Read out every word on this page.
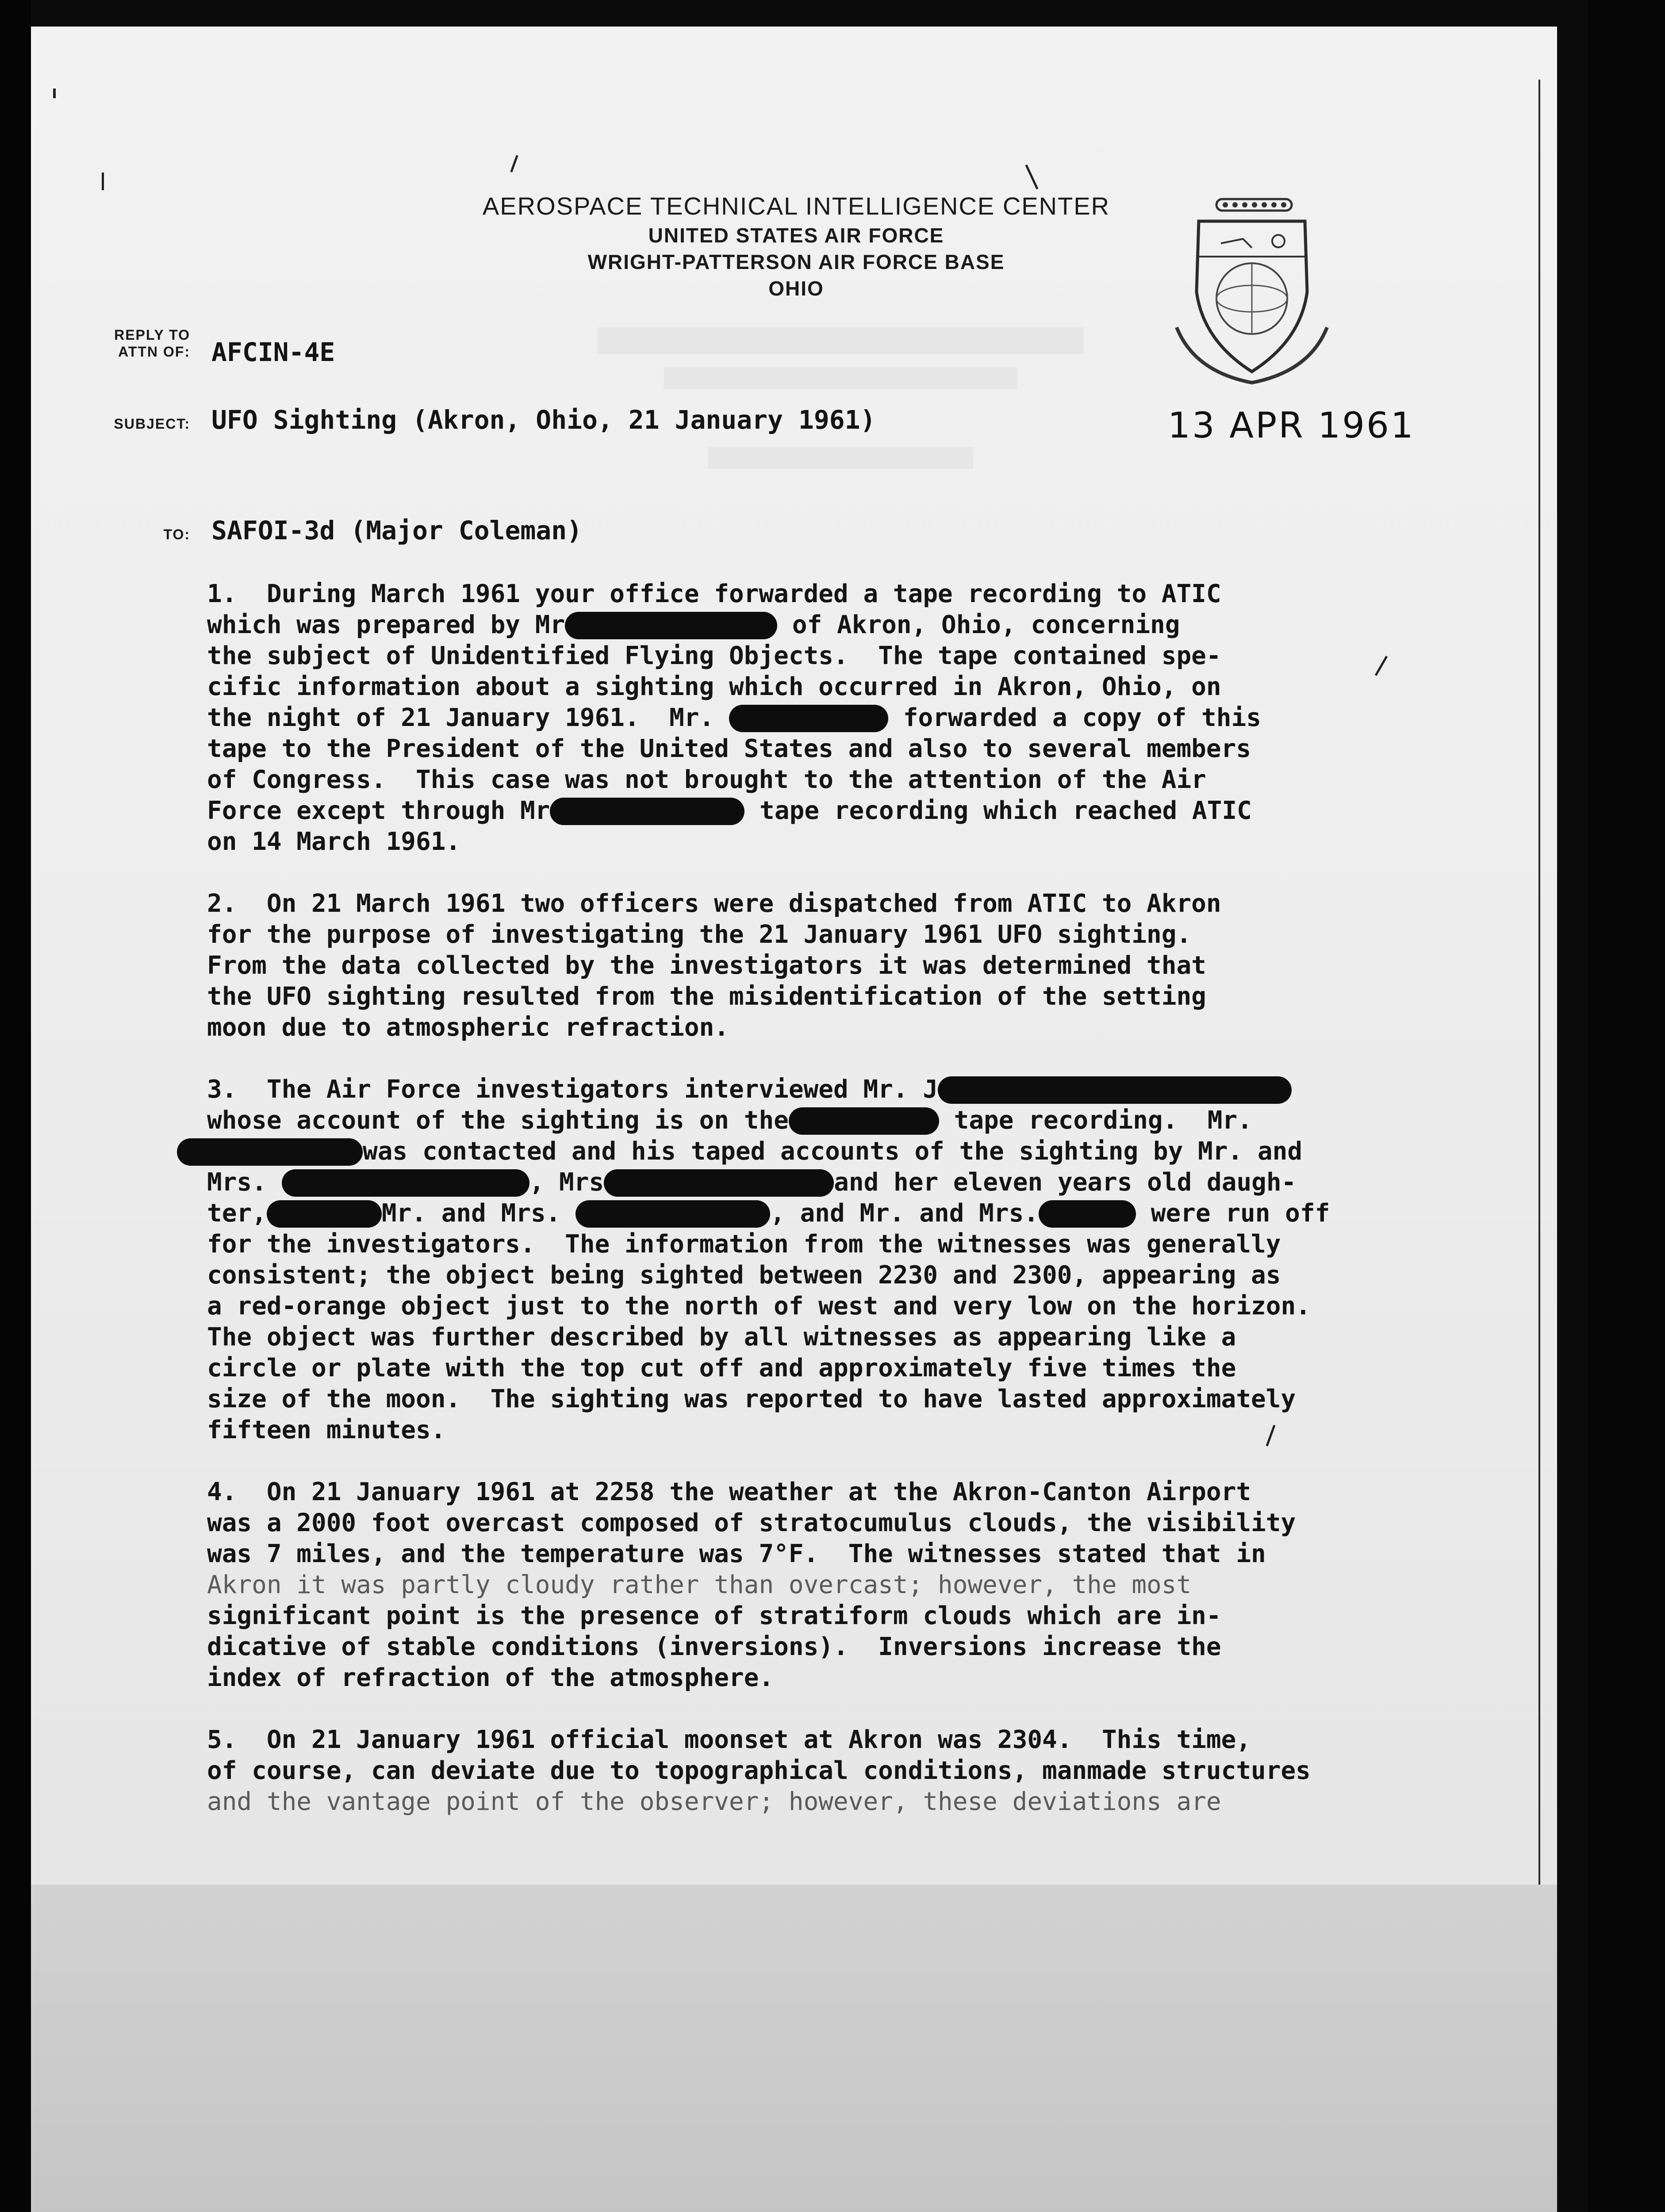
AEROSPACE TECHNICAL INTELLIGENCE CENTER
UNITED STATES AIR FORCE
WRIGHT-PATTERSON AIR FORCE BASE
OHIO
REPLY TO
ATTN OF: AFCIN-4E
SUBJECT: UFO Sighting (Akron, Ohio, 21 January 1961)	13 APR 1961
TO: SAFOI-3d (Major Coleman)
1.  During March 1961 your office forwarded a tape recording to ATIC
which was prepared by Mr	of Akron, Ohio, concerning
the subject of Unidentified Flying Objects.  The tape contained spe-
cific information about a sighting which occurred in Akron, Ohio, on
the night of 21 January 1961.  Mr.	forwarded a copy of this
tape to the President of the United States and also to several members
of Congress.  This case was not brought to the attention of the Air
Force except through Mr	tape recording which reached ATIC
on 14 March 1961.
2.  On 21 March 1961 two officers were dispatched from ATIC to Akron
for the purpose of investigating the 21 January 1961 UFO sighting.
From the data collected by the investigators it was determined that
the UFO sighting resulted from the misidentification of the setting
moon due to atmospheric refraction.
3.  The Air Force investigators interviewed Mr. J
whose account of the sighting is on the	tape recording.  Mr.
was contacted and his taped accounts of the sighting by Mr. and
Mrs.	, Mrs	and her eleven years old daugh-
ter,	Mr. and Mrs.	, and Mr. and Mrs.	were run off
for the investigators.  The information from the witnesses was generally
consistent; the object being sighted between 2230 and 2300, appearing as
a red-orange object just to the north of west and very low on the horizon.
The object was further described by all witnesses as appearing like a
circle or plate with the top cut off and approximately five times the
size of the moon.  The sighting was reported to have lasted approximately
fifteen minutes.
4.  On 21 January 1961 at 2258 the weather at the Akron-Canton Airport
was a 2000 foot overcast composed of stratocumulus clouds, the visibility
was 7 miles, and the temperature was 7°F.  The witnesses stated that in
Akron it was partly cloudy rather than overcast; however, the most
significant point is the presence of stratiform clouds which are in-
dicative of stable conditions (inversions).  Inversions increase the
index of refraction of the atmosphere.
5.  On 21 January 1961 official moonset at Akron was 2304.  This time,
of course, can deviate due to topographical conditions, manmade structures
and the vantage point of the observer; however, these deviations are
